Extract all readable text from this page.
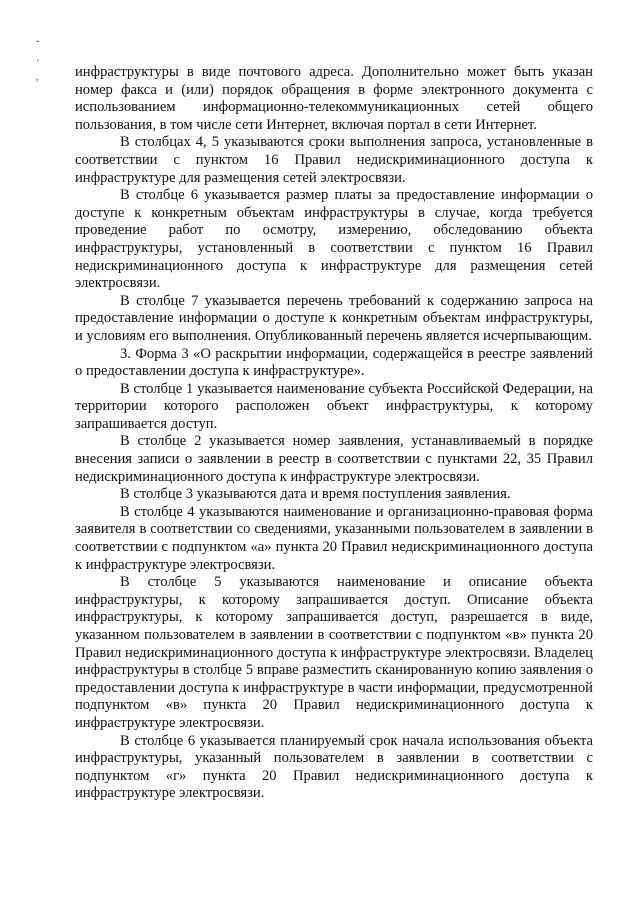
ˇ
·
,	инфраструктуры в виде почтового адреса. Дополнительно может быть указан номер факса и (или) порядок обращения в форме электронного документа с использованием информационно-телекоммуникационных сетей общего пользования, в том числе сети Интернет, включая портал в сети Интернет.

В столбцах 4, 5 указываются сроки выполнения запроса, установленные в соответствии с пунктом 16 Правил недискриминационного доступа к инфраструктуре для размещения сетей электросвязи.

В столбце 6 указывается размер платы за предоставление информации о доступе к конкретным объектам инфраструктуры в случае, когда требуется проведение работ по осмотру, измерению, обследованию объекта инфраструктуры, установленный в соответствии с пунктом 16 Правил недискриминационного доступа к инфраструктуре для размещения сетей электросвязи.

В столбце 7 указывается перечень требований к содержанию запроса на предоставление информации о доступе к конкретным объектам инфраструктуры, и условиям его выполнения. Опубликованный перечень является исчерпывающим.

3. Форма 3 «О раскрытии информации, содержащейся в реестре заявлений о предоставлении доступа к инфраструктуре».

В столбце 1 указывается наименование субъекта Российской Федерации, на территории которого расположен объект инфраструктуры, к которому запрашивается доступ.

В столбце 2 указывается номер заявления, устанавливаемый в порядке внесения записи о заявлении в реестр в соответствии с пунктами 22, 35 Правил недискриминационного доступа к инфраструктуре электросвязи.

В столбце 3 указываются дата и время поступления заявления.

В столбце 4 указываются наименование и организационно-правовая форма заявителя в соответствии со сведениями, указанными пользователем в заявлении в соответствии с подпунктом «а» пункта 20 Правил недискриминационного доступа к инфраструктуре электросвязи.

В столбце 5 указываются наименование и описание объекта инфраструктуры, к которому запрашивается доступ. Описание объекта инфраструктуры, к которому запрашивается доступ, разрешается в виде, указанном пользователем в заявлении в соответствии с подпунктом «в» пункта 20 Правил недискриминационного доступа к инфраструктуре электросвязи. Владелец инфраструктуры в столбце 5 вправе разместить сканированную копию заявления о предоставлении доступа к инфраструктуре в части информации, предусмотренной подпунктом «в» пункта 20 Правил недискриминационного доступа к инфраструктуре электросвязи.

В столбце 6 указывается планируемый срок начала использования объекта инфраструктуры, указанный пользователем в заявлении в соответствии с подпунктом «г» пункта 20 Правил недискриминационного доступа к инфраструктуре электросвязи.
